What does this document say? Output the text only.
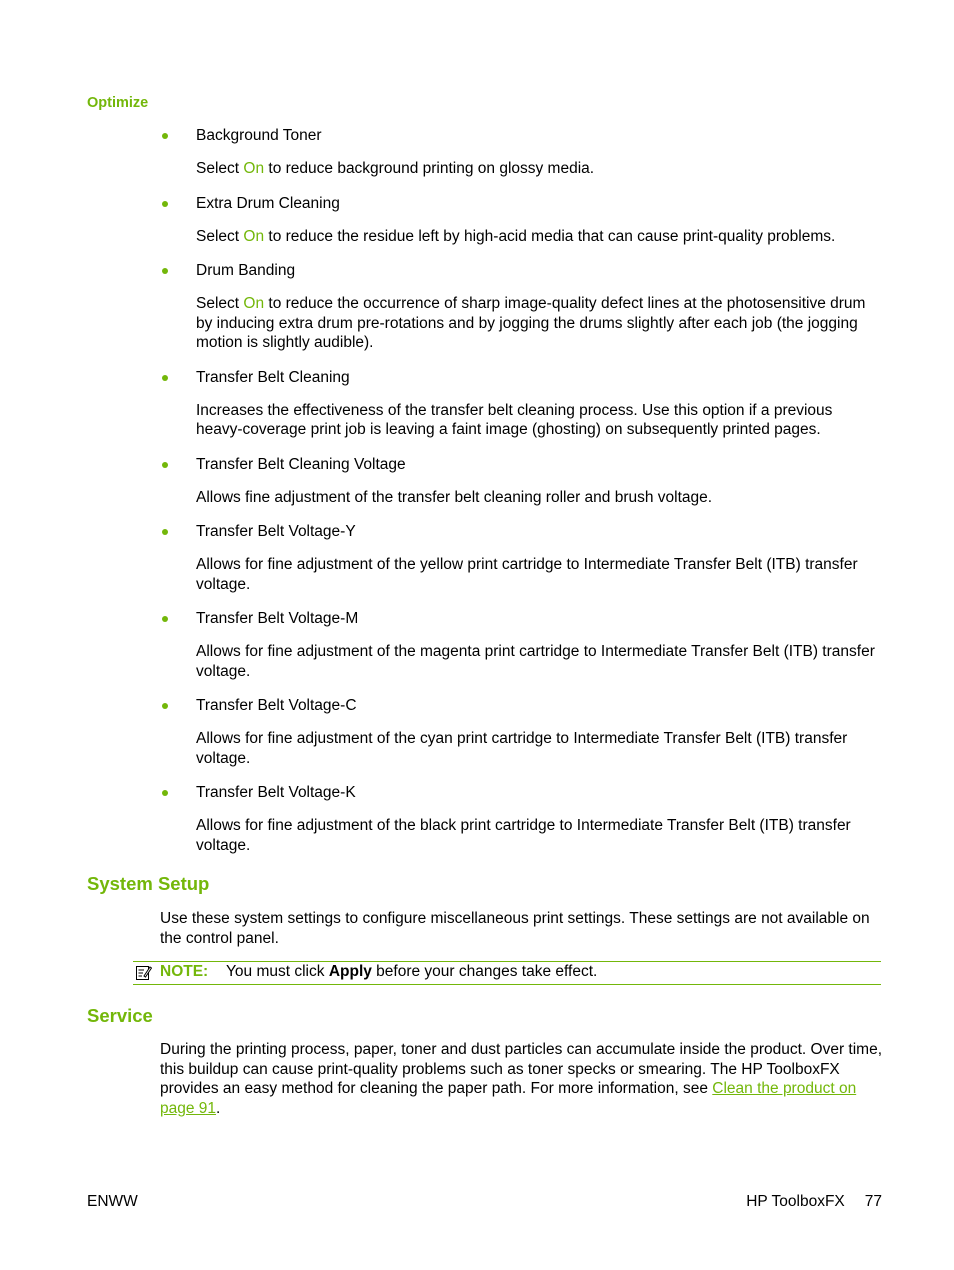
Optimize
Background Toner
Select On to reduce background printing on glossy media.
Extra Drum Cleaning
Select On to reduce the residue left by high-acid media that can cause print-quality problems.
Drum Banding
Select On to reduce the occurrence of sharp image-quality defect lines at the photosensitive drum by inducing extra drum pre-rotations and by jogging the drums slightly after each job (the jogging motion is slightly audible).
Transfer Belt Cleaning
Increases the effectiveness of the transfer belt cleaning process. Use this option if a previous heavy-coverage print job is leaving a faint image (ghosting) on subsequently printed pages.
Transfer Belt Cleaning Voltage
Allows fine adjustment of the transfer belt cleaning roller and brush voltage.
Transfer Belt Voltage-Y
Allows for fine adjustment of the yellow print cartridge to Intermediate Transfer Belt (ITB) transfer voltage.
Transfer Belt Voltage-M
Allows for fine adjustment of the magenta print cartridge to Intermediate Transfer Belt (ITB) transfer voltage.
Transfer Belt Voltage-C
Allows for fine adjustment of the cyan print cartridge to Intermediate Transfer Belt (ITB) transfer voltage.
Transfer Belt Voltage-K
Allows for fine adjustment of the black print cartridge to Intermediate Transfer Belt (ITB) transfer voltage.
System Setup
Use these system settings to configure miscellaneous print settings. These settings are not available on the control panel.
NOTE: You must click Apply before your changes take effect.
Service
During the printing process, paper, toner and dust particles can accumulate inside the product. Over time, this buildup can cause print-quality problems such as toner specks or smearing. The HP ToolboxFX provides an easy method for cleaning the paper path. For more information, see Clean the product on page 91.
ENWW	HP ToolboxFX 77
